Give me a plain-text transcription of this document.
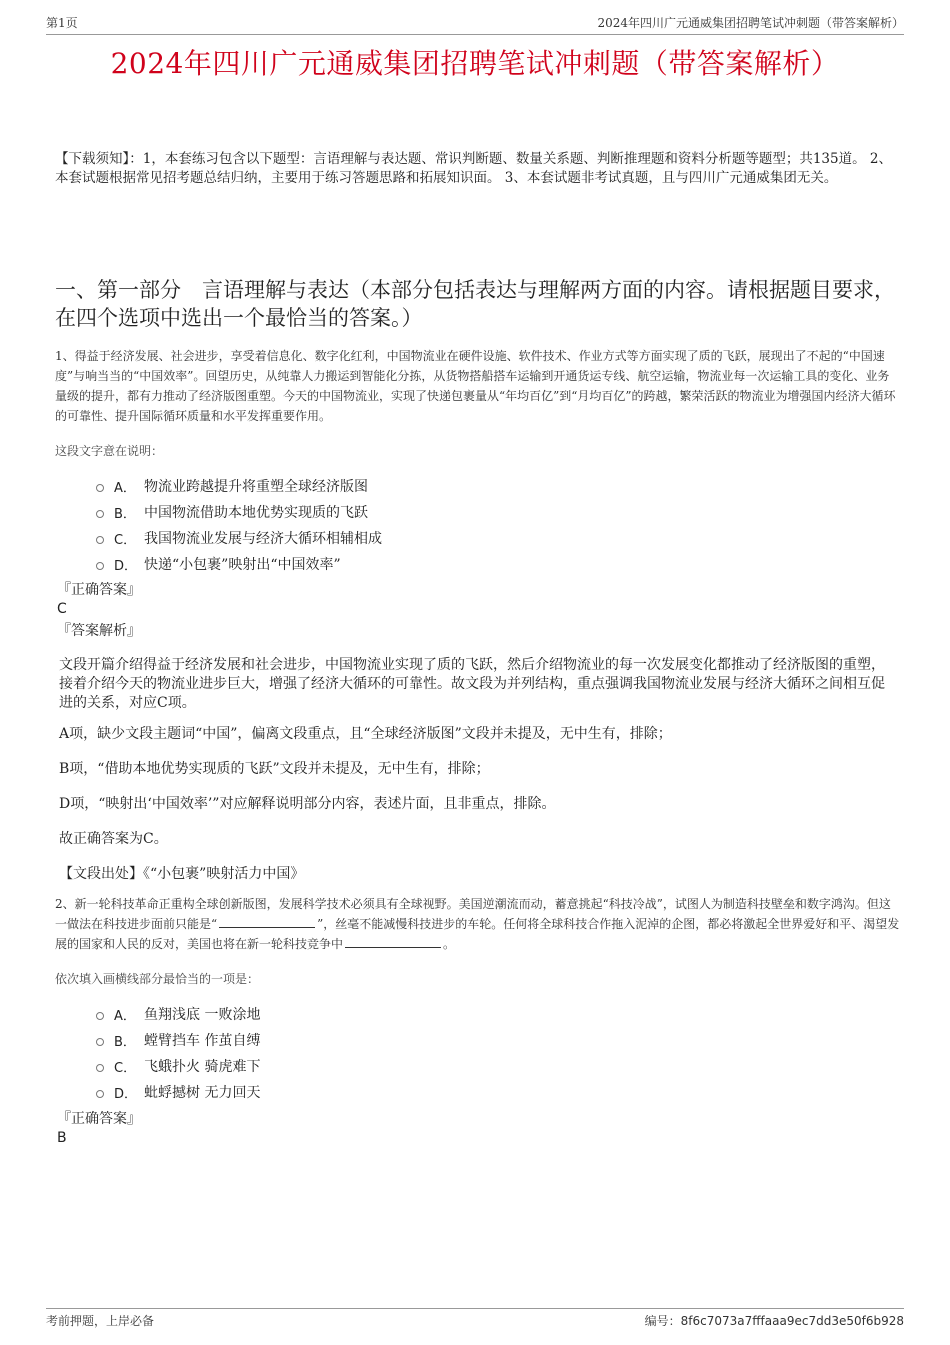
第1页	2024年四川广元通威集团招聘笔试冲刺题（带答案解析）
2024年四川广元通威集团招聘笔试冲刺题（带答案解析）

【下载须知】：1，本套练习包含以下题型：言语理解与表达题、常识判断题、数量关系题、判断推理题和资料分析题等题型；共135道。 2、本套试题根据常见招考题总结归纳，主要用于练习答题思路和拓展知识面。 3、本套试题非考试真题，且与四川广元通威集团无关。

一、第一部分　言语理解与表达（本部分包括表达与理解两方面的内容。请根据题目要求，在四个选项中选出一个最恰当的答案。）

1、得益于经济发展、社会进步，享受着信息化、数字化红利，中国物流业在硬件设施、软件技术、作业方式等方面实现了质的飞跃，展现出了不起的“中国速度”与响当当的“中国效率”。回望历史，从纯靠人力搬运到智能化分拣，从货物搭船搭车运输到开通货运专线、航空运输，物流业每一次运输工具的变化、业务量级的提升，都有力推动了经济版图重塑。今天的中国物流业，实现了快递包裹量从“年均百亿”到“月均百亿”的跨越，繁荣活跃的物流业为增强国内经济大循环的可靠性、提升国际循环质量和水平发挥重要作用。

这段文字意在说明：

A． 物流业跨越提升将重塑全球经济版图
B． 中国物流借助本地优势实现质的飞跃
C． 我国物流业发展与经济大循环相辅相成
D． 快递“小包裹”映射出“中国效率”

『正确答案』

C

『答案解析』

文段开篇介绍得益于经济发展和社会进步，中国物流业实现了质的飞跃，然后介绍物流业的每一次发展变化都推动了经济版图的重塑，接着介绍今天的物流业进步巨大，增强了经济大循环的可靠性。故文段为并列结构，重点强调我国物流业发展与经济大循环之间相互促进的关系，对应C项。

A项，缺少文段主题词“中国”，偏离文段重点，且“全球经济版图”文段并未提及，无中生有，排除；

B项，“借助本地优势实现质的飞跃”文段并未提及，无中生有，排除；

D项，“映射出‘中国效率’”对应解释说明部分内容，表述片面，且非重点，排除。

故正确答案为C。

【文段出处】《“小包裹”映射活力中国》

2、新一轮科技革命正重构全球创新版图，发展科学技术必须具有全球视野。美国逆潮流而动，蓄意挑起“科技冷战”，试图人为制造科技壁垒和数字鸿沟。但这一做法在科技进步面前只能是“	”，丝毫不能减慢科技进步的车轮。任何将全球科技合作拖入泥淖的企图，都必将激起全世界爱好和平、渴望发展的国家和人民的反对，美国也将在新一轮科技竞争中	。

依次填入画横线部分最恰当的一项是：

A． 鱼翔浅底 一败涂地
B． 螳臂挡车 作茧自缚
C． 飞蛾扑火 骑虎难下
D． 蚍蜉撼树 无力回天

『正确答案』

B

考前押题，上岸必备	编号：8f6c7073a7fffaaa9ec7dd3e50f6b928
